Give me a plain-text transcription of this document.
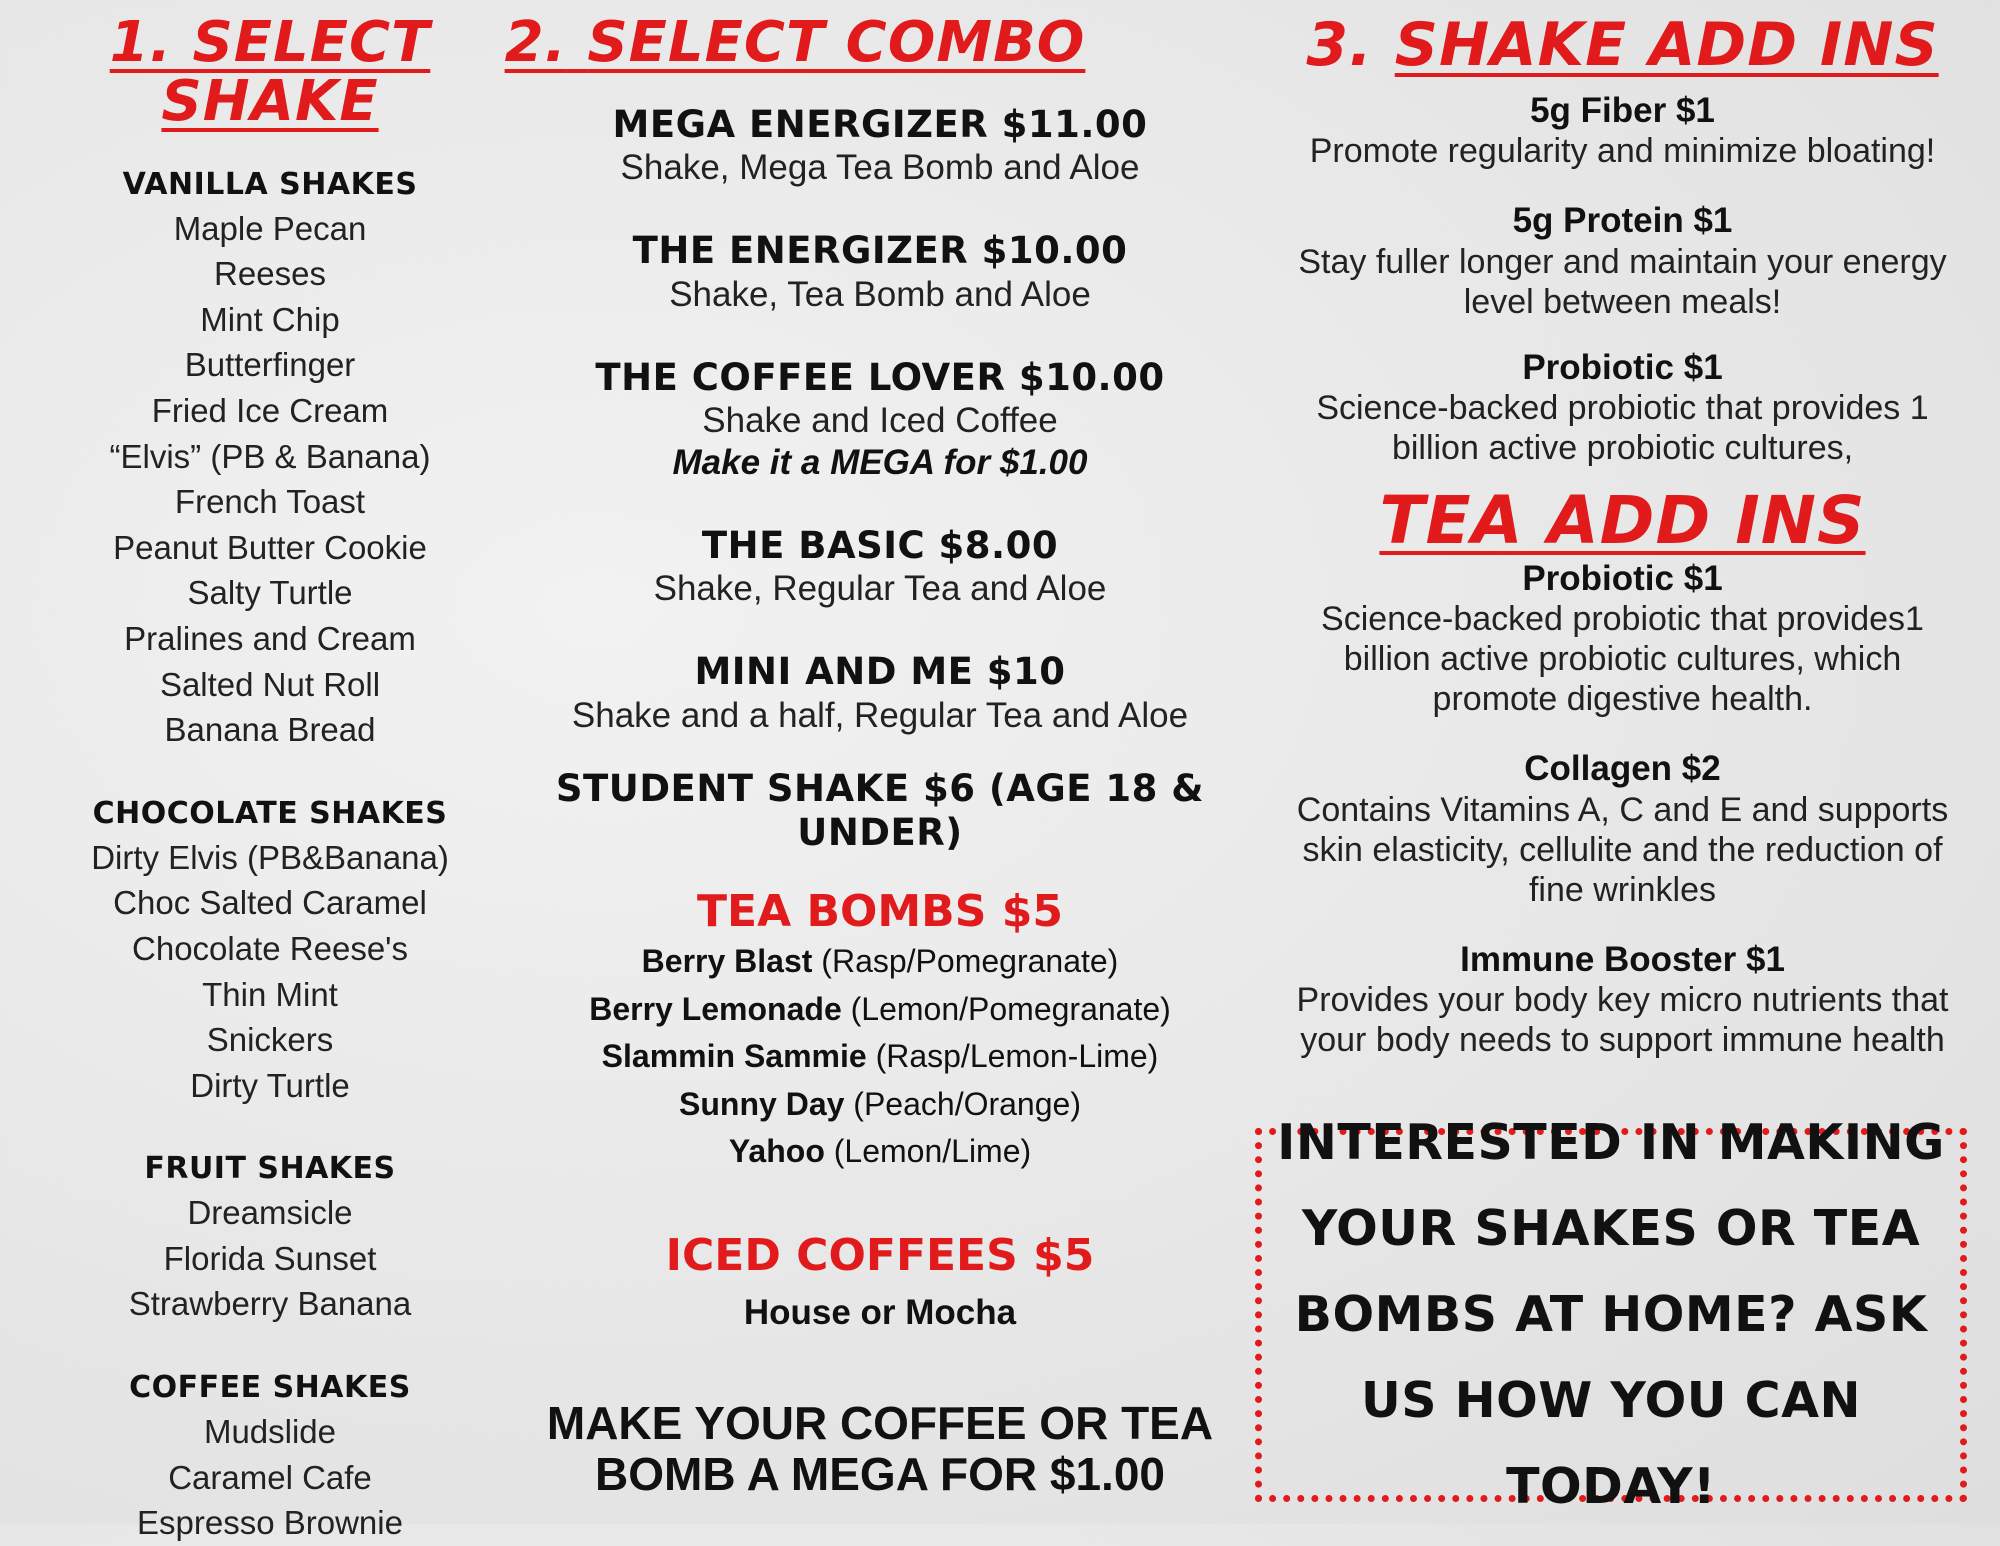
1. SELECT SHAKE

VANILLA SHAKES

Maple Pecan

Reeses

Mint Chip

Butterfinger

Fried Ice Cream

“Elvis” (PB & Banana)

French Toast

Peanut Butter Cookie

Salty Turtle

Pralines and Cream

Salted Nut Roll

Banana Bread

CHOCOLATE SHAKES

Dirty Elvis (PB&Banana)

Choc Salted Caramel

Chocolate Reese's

Thin Mint

Snickers

Dirty Turtle

FRUIT SHAKES

Dreamsicle

Florida Sunset

Strawberry Banana

COFFEE SHAKES

Mudslide

Caramel Cafe

Espresso Brownie

2. SELECT COMBO

MEGA ENERGIZER $11.00

Shake, Mega Tea Bomb and Aloe

THE ENERGIZER $10.00

Shake, Tea Bomb and Aloe

THE COFFEE LOVER $10.00

Shake and Iced Coffee

Make it a MEGA for $1.00

THE BASIC $8.00

Shake, Regular Tea and Aloe

MINI AND ME $10

Shake and a half, Regular Tea and Aloe

STUDENT SHAKE $6 (AGE 18 & UNDER)

TEA BOMBS $5

Berry Blast (Rasp/Pomegranate)

Berry Lemonade (Lemon/Pomegranate)

Slammin Sammie (Rasp/Lemon-Lime)

Sunny Day (Peach/Orange)

Yahoo (Lemon/Lime)

ICED COFFEES $5

House or Mocha

MAKE YOUR COFFEE OR TEA

BOMB A MEGA FOR $1.00

3. SHAKE ADD INS

5g Fiber $1

Promote regularity and minimize bloating!

5g Protein $1

Stay fuller longer and maintain your energy

level between meals!

Probiotic $1

Science-backed probiotic that provides 1

billion active probiotic cultures,

TEA ADD INS

Probiotic $1

Science-backed probiotic that provides1

billion active probiotic cultures, which

promote digestive health.

Collagen $2

Contains Vitamins A, C and E and supports

skin elasticity, cellulite and the reduction of

fine wrinkles

Immune Booster $1

Provides your body key micro nutrients that

your body needs to support immune health

INTERESTED IN MAKING
YOUR SHAKES OR TEA
BOMBS AT HOME? ASK
US HOW YOU CAN TODAY!
